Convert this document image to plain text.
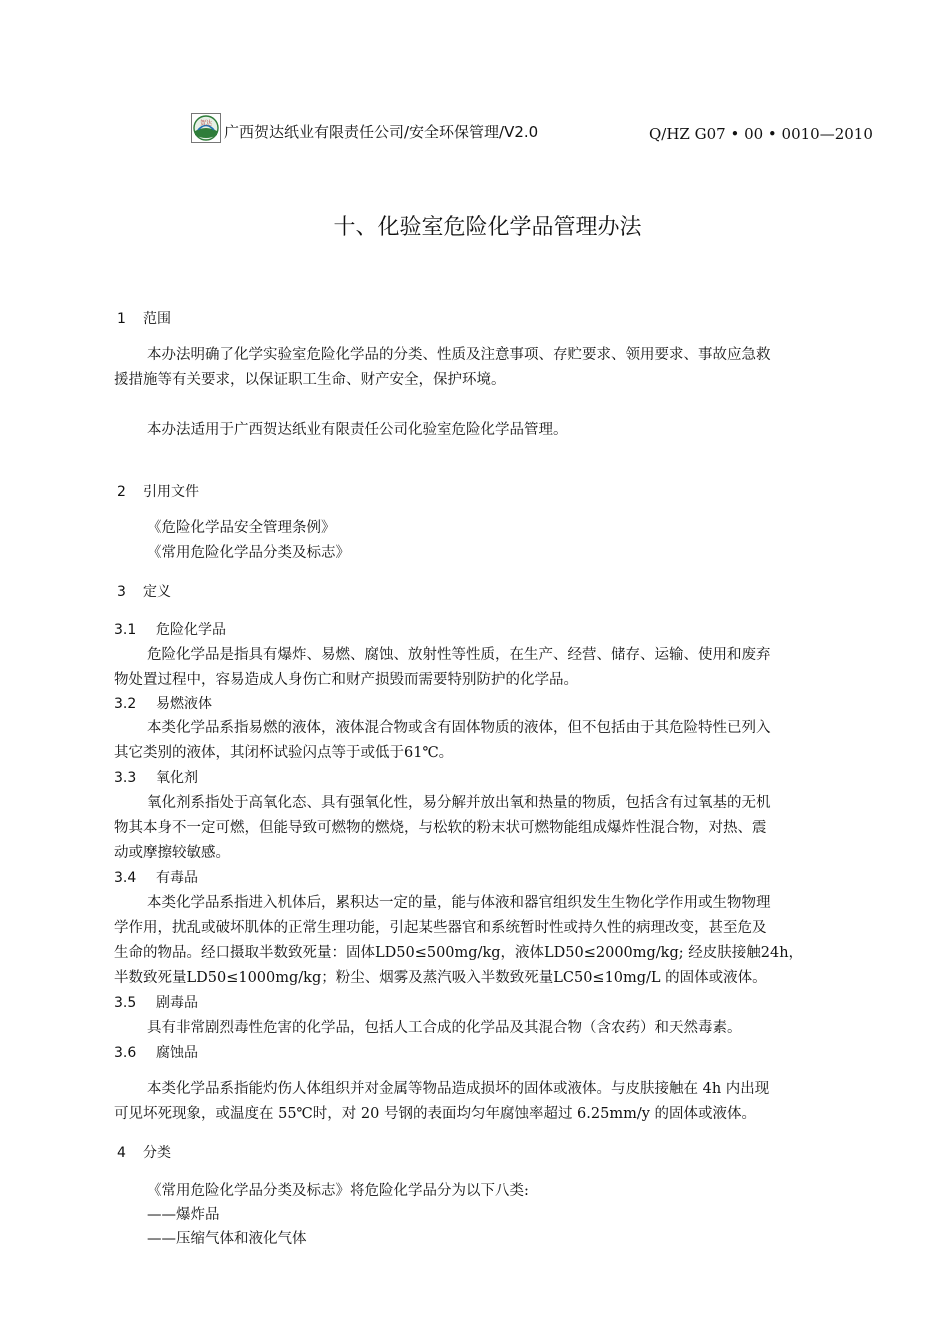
贺达 广西贺达纸业有限责任公司/安全环保管理/V2.0	Q/HZ G07 • 00 • 0010—2010
十、化验室危险化学品管理办法
1 范围
本办法明确了化学实验室危险化学品的分类、性质及注意事项、存贮要求、领用要求、事故应急救
援措施等有关要求，以保证职工生命、财产安全，保护环境。
本办法适用于广西贺达纸业有限责任公司化验室危险化学品管理。
2 引用文件
《危险化学品安全管理条例》
《常用危险化学品分类及标志》
3 定义
3.1 危险化学品
危险化学品是指具有爆炸、易燃、腐蚀、放射性等性质，在生产、经营、储存、运输、使用和废弃
物处置过程中，容易造成人身伤亡和财产损毁而需要特别防护的化学品。
3.2 易燃液体
本类化学品系指易燃的液体，液体混合物或含有固体物质的液体，但不包括由于其危险特性已列入
其它类别的液体，其闭杯试验闪点等于或低于61℃。
3.3 氧化剂
氧化剂系指处于高氧化态、具有强氧化性，易分解并放出氧和热量的物质，包括含有过氧基的无机
物其本身不一定可燃，但能导致可燃物的燃烧，与松软的粉末状可燃物能组成爆炸性混合物，对热、震
动或摩擦较敏感。
3.4 有毒品
本类化学品系指进入机体后，累积达一定的量，能与体液和器官组织发生生物化学作用或生物物理
学作用，扰乱或破坏肌体的正常生理功能，引起某些器官和系统暂时性或持久性的病理改变，甚至危及
生命的物品。经口摄取半数致死量：固体LD50≤500mg/kg，液体LD50≤2000mg/kg; 经皮肤接触24h，
半数致死量LD50≤1000mg/kg；粉尘、烟雾及蒸汽吸入半数致死量LC50≤10mg/L 的固体或液体。
3.5 剧毒品
具有非常剧烈毒性危害的化学品，包括人工合成的化学品及其混合物（含农药）和天然毒素。
3.6 腐蚀品
本类化学品系指能灼伤人体组织并对金属等物品造成损坏的固体或液体。与皮肤接触在 4h 内出现
可见坏死现象，或温度在 55℃时，对 20 号钢的表面均匀年腐蚀率超过 6.25mm/y 的固体或液体。
4 分类
《常用危险化学品分类及标志》将危险化学品分为以下八类:
——爆炸品
——压缩气体和液化气体
